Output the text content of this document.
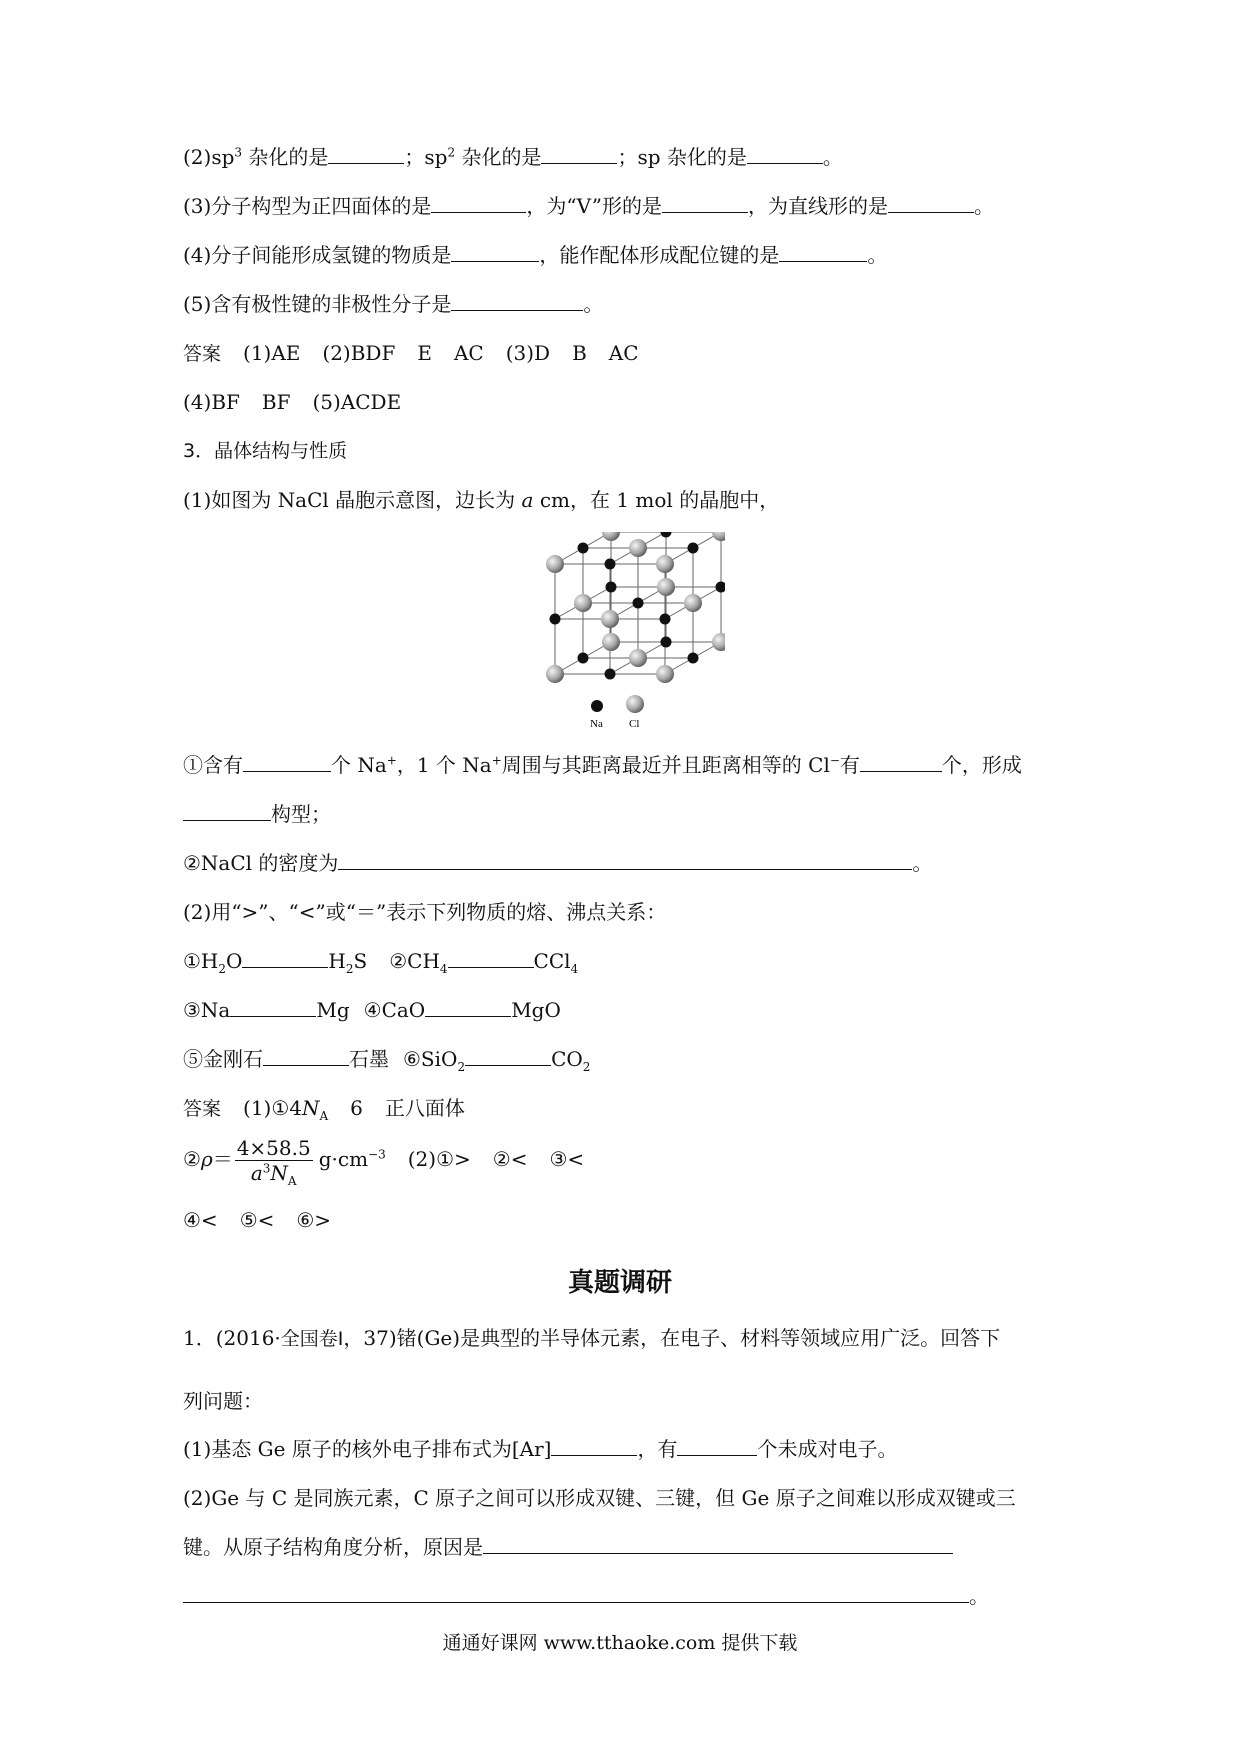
$(2)sp^3$ 杂化的是	；$sp^2$ 杂化的是	；sp 杂化的是	。
(3)分子构型为正四面体的是	，为“V”形的是	，为直线形的是	。
(4)分子间能形成氢键的物质是	，能作配体形成配位键的是	。
(5)含有极性键的非极性分子是	。
答案 (1)AE (2)BDF E AC (3)D B AC
(4)BF BF (5)ACDE
3．晶体结构与性质
(1)如图为 NaCl 晶胞示意图，边长为 a cm，在 1 mol 的晶胞中，
Na Cl
①含有	个 Na+，1 个 Na+周围与其距离最近并且距离相等的 Cl−有	个，形成
构型；
②NaCl 的密度为	。
(2)用“>”、“<”或“＝”表示下列物质的熔、沸点关系：
$①H_2O$	$H_2S$ $②CH_4$	CCl$_4$
③Na	Mg ④CaO	MgO
⑤金刚石	石墨 ⑥SiO$_2$	$CO_2$
答案 $(1)①4N_A$ 6 正八面体
②ρ＝ $\frac{4\times 58.5}{a^3N_A} g\cdot cm^{-3}$ (2)①> ②< ③<
④< ⑤< ⑥>
真题调研
1．(2016·全国卷Ⅰ，37)锗(Ge)是典型的半导体元素，在电子、材料等领域应用广泛。回答下
列问题：
(1)基态 Ge 原子的核外电子排布式为[Ar]	，有	个未成对电子。
(2)Ge 与 C 是同族元素，C 原子之间可以形成双键、三键，但 Ge 原子之间难以形成双键或三
键。从原子结构角度分析，原因是
。
通通好课网 www.tthaoke.com 提供下载
